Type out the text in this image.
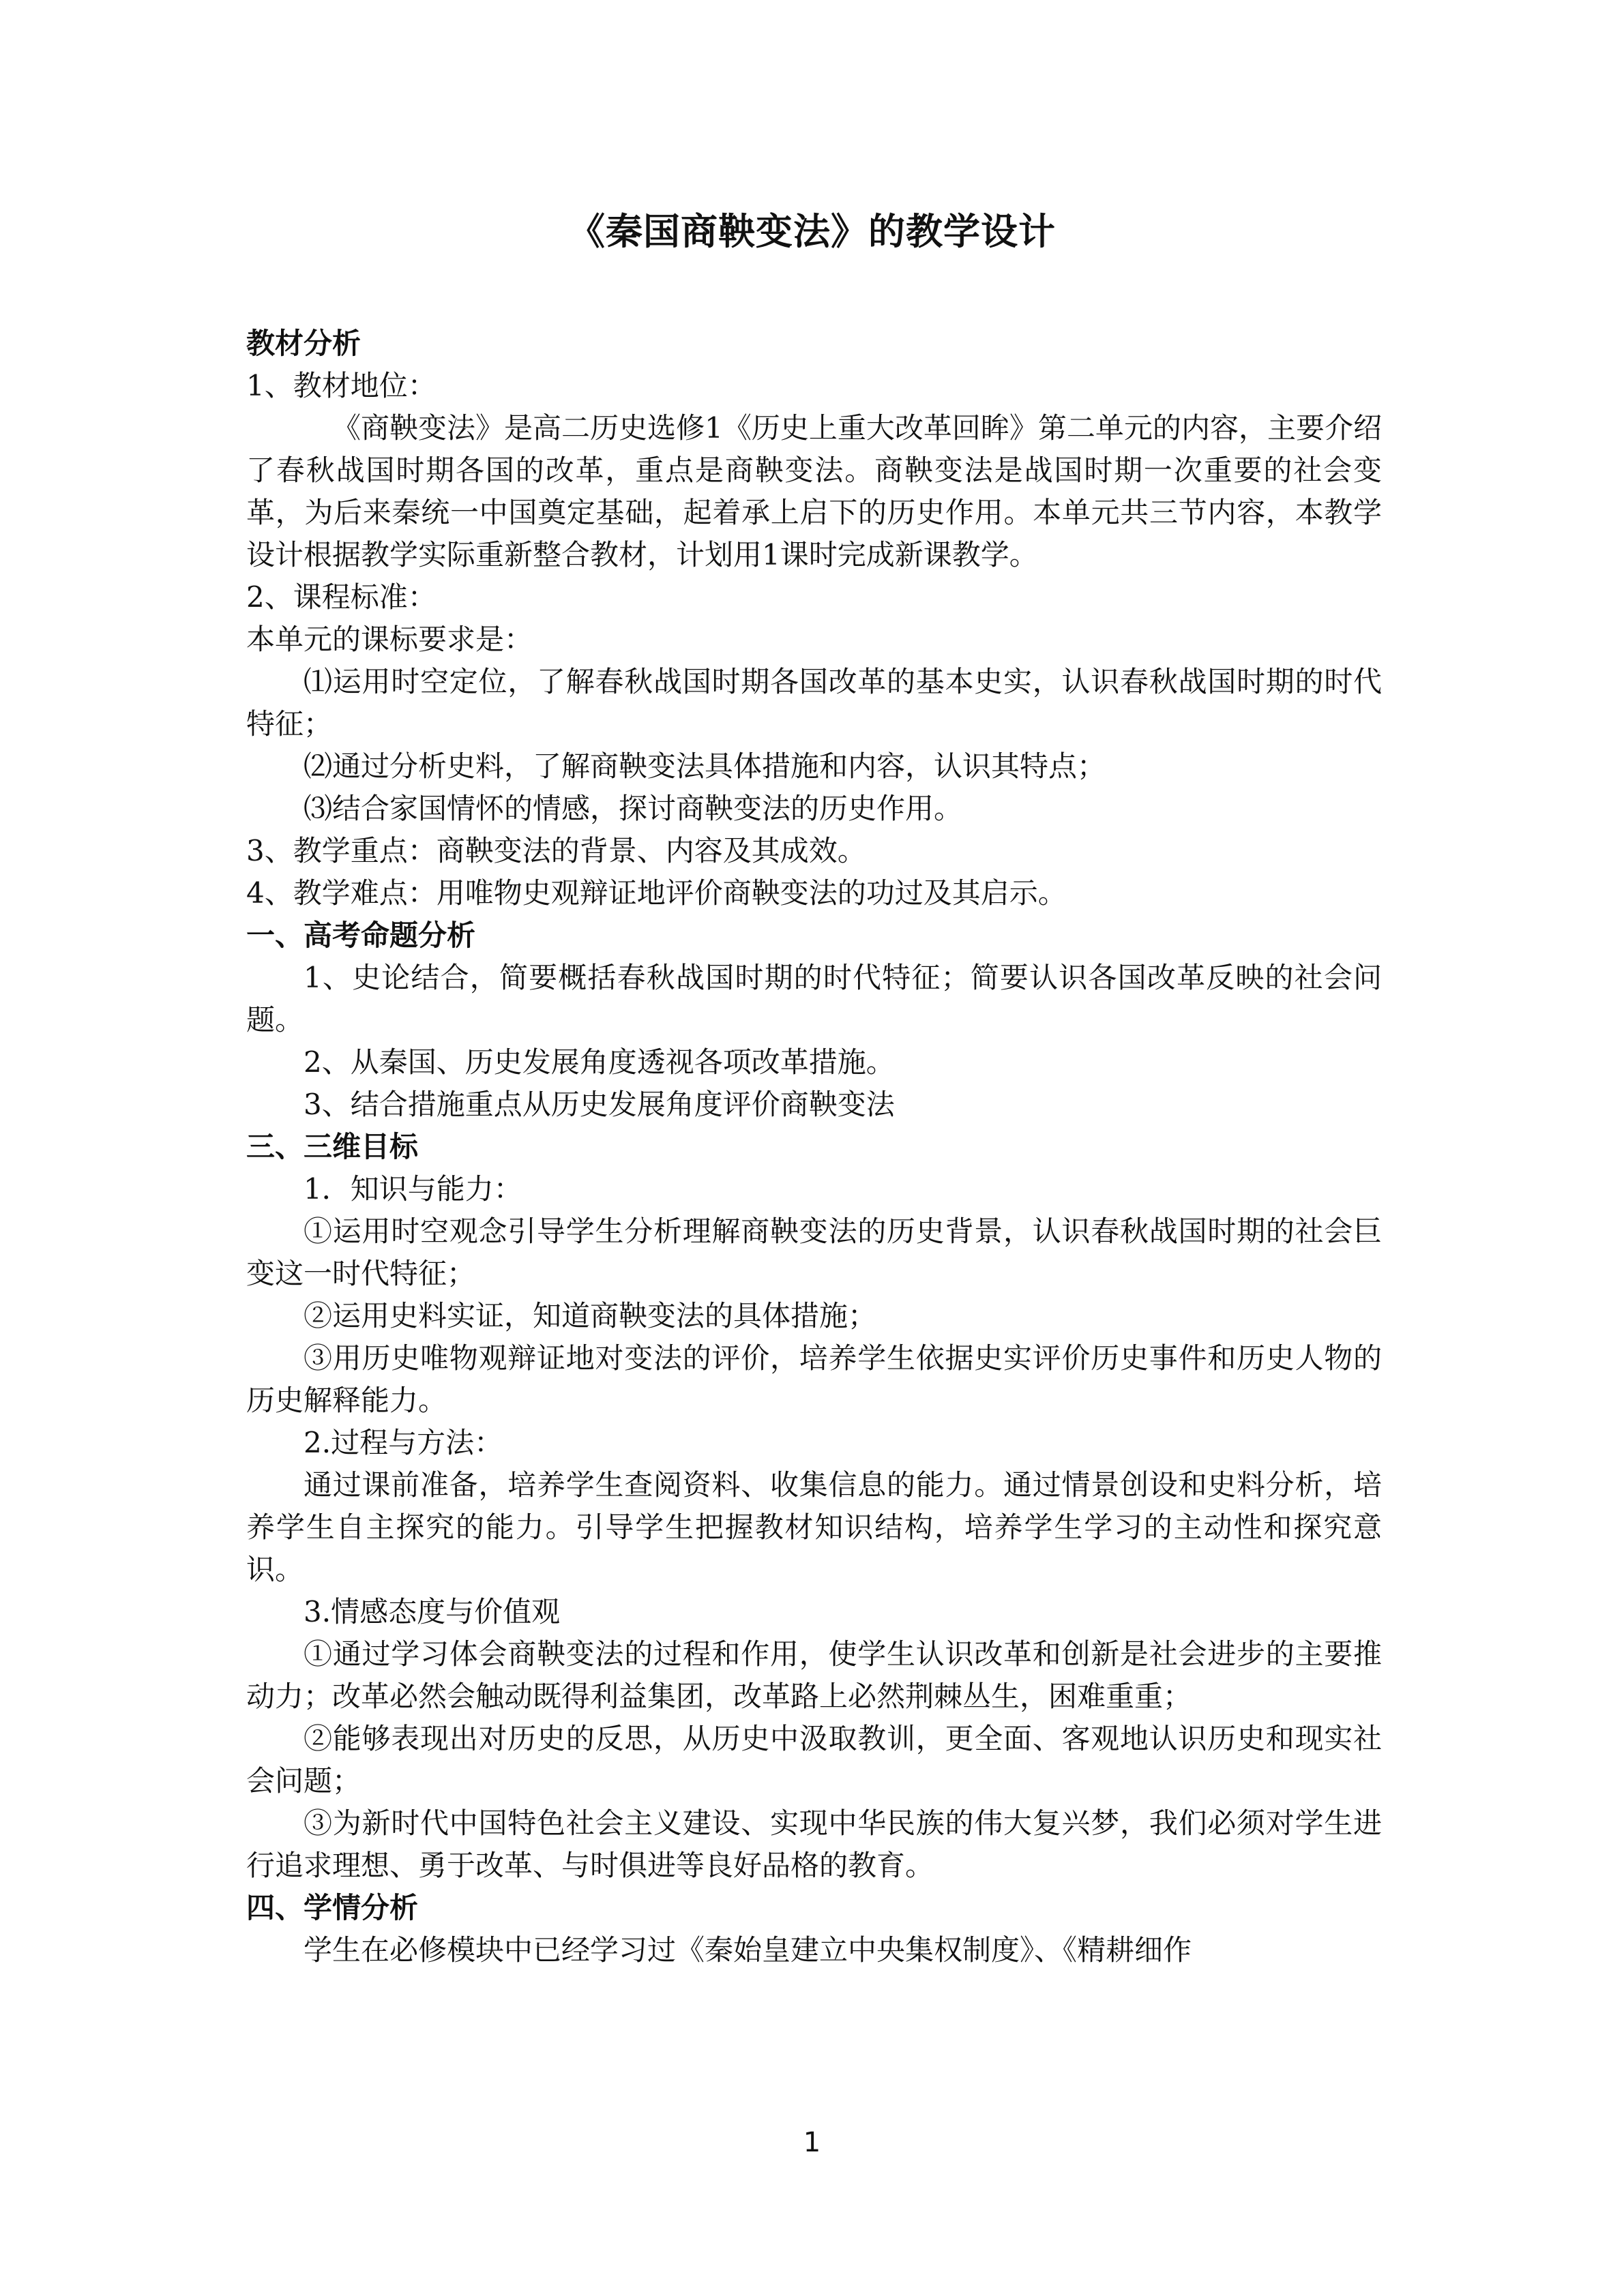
《秦国商鞅变法》的教学设计

教材分析

1、教材地位：

《商鞅变法》是高二历史选修1《历史上重大改革回眸》第二单元的内容，主要介绍了春秋战国时期各国的改革，重点是商鞅变法。商鞅变法是战国时期一次重要的社会变革，为后来秦统一中国奠定基础，起着承上启下的历史作用。本单元共三节内容，本教学设计根据教学实际重新整合教材，计划用1课时完成新课教学。

2、课程标准：

本单元的课标要求是：

⑴运用时空定位，了解春秋战国时期各国改革的基本史实，认识春秋战国时期的时代特征；

⑵通过分析史料，了解商鞅变法具体措施和内容，认识其特点；

⑶结合家国情怀的情感，探讨商鞅变法的历史作用。

3、教学重点：商鞅变法的背景、内容及其成效。

4、教学难点：用唯物史观辩证地评价商鞅变法的功过及其启示。

一、高考命题分析

1、史论结合，简要概括春秋战国时期的时代特征；简要认识各国改革反映的社会问题。

2、从秦国、历史发展角度透视各项改革措施。

3、结合措施重点从历史发展角度评价商鞅变法

三、三维目标

1．知识与能力：

①运用时空观念引导学生分析理解商鞅变法的历史背景，认识春秋战国时期的社会巨变这一时代特征；

②运用史料实证，知道商鞅变法的具体措施；

③用历史唯物观辩证地对变法的评价，培养学生依据史实评价历史事件和历史人物的历史解释能力。

2.过程与方法：

通过课前准备，培养学生查阅资料、收集信息的能力。通过情景创设和史料分析，培养学生自主探究的能力。引导学生把握教材知识结构，培养学生学习的主动性和探究意识。

3.情感态度与价值观

①通过学习体会商鞅变法的过程和作用，使学生认识改革和创新是社会进步的主要推动力；改革必然会触动既得利益集团，改革路上必然荆棘丛生，困难重重；

②能够表现出对历史的反思，从历史中汲取教训，更全面、客观地认识历史和现实社会问题；

③为新时代中国特色社会主义建设、实现中华民族的伟大复兴梦，我们必须对学生进行追求理想、勇于改革、与时俱进等良好品格的教育。

四、学情分析

学生在必修模块中已经学习过《秦始皇建立中央集权制度》、《精耕细作

1
